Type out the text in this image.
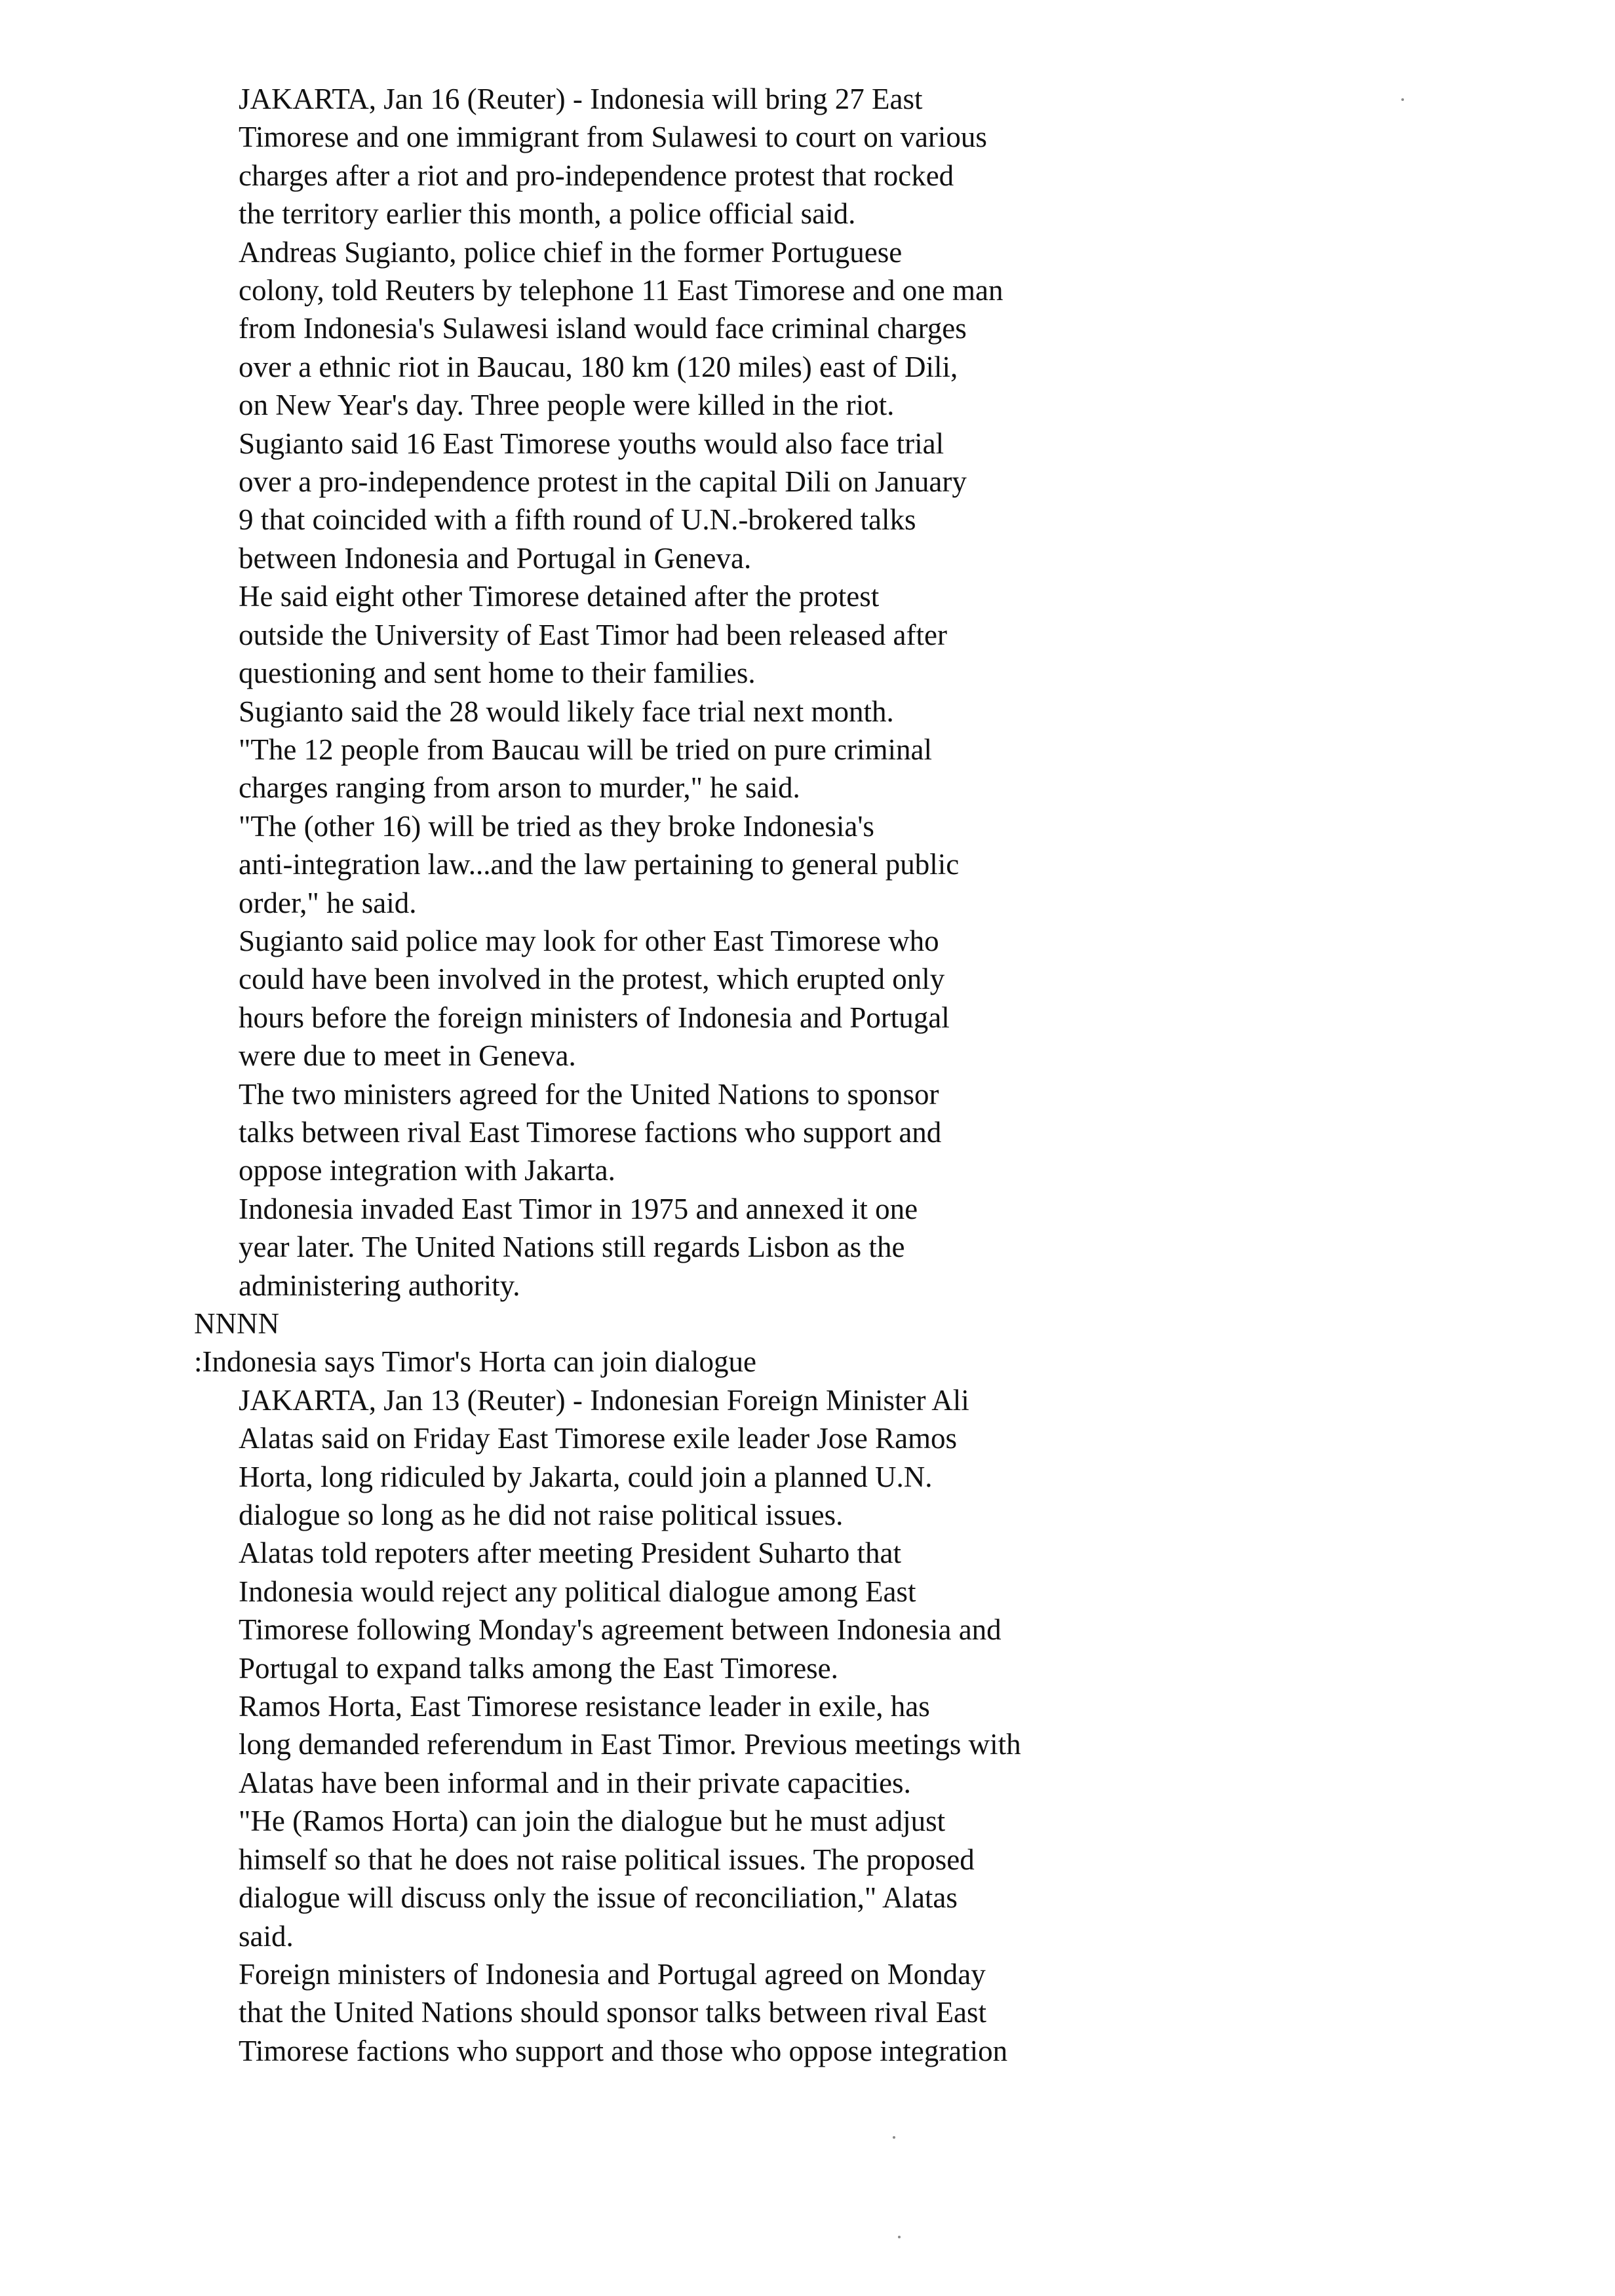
JAKARTA, Jan 16 (Reuter) - Indonesia will bring 27 East
Timorese and one immigrant from Sulawesi to court on various
charges after a riot and pro-independence protest that rocked
the territory earlier this month, a police official said.
Andreas Sugianto, police chief in the former Portuguese
colony, told Reuters by telephone 11 East Timorese and one man
from Indonesia's Sulawesi island would face criminal charges
over a ethnic riot in Baucau, 180 km (120 miles) east of Dili,
on New Year's day. Three people were killed in the riot.
Sugianto said 16 East Timorese youths would also face trial
over a pro-independence protest in the capital Dili on January
9 that coincided with a fifth round of U.N.-brokered talks
between Indonesia and Portugal in Geneva.
He said eight other Timorese detained after the protest
outside the University of East Timor had been released after
questioning and sent home to their families.
Sugianto said the 28 would likely face trial next month.
"The 12 people from Baucau will be tried on pure criminal
charges ranging from arson to murder," he said.
"The (other 16) will be tried as they broke Indonesia's
anti-integration law...and the law pertaining to general public
order," he said.
Sugianto said police may look for other East Timorese who
could have been involved in the protest, which erupted only
hours before the foreign ministers of Indonesia and Portugal
were due to meet in Geneva.
The two ministers agreed for the United Nations to sponsor
talks between rival East Timorese factions who support and
oppose integration with Jakarta.
Indonesia invaded East Timor in 1975 and annexed it one
year later. The United Nations still regards Lisbon as the
administering authority.
NNNN
:Indonesia says Timor's Horta can join dialogue
JAKARTA, Jan 13 (Reuter) - Indonesian Foreign Minister Ali
Alatas said on Friday East Timorese exile leader Jose Ramos
Horta, long ridiculed by Jakarta, could join a planned U.N.
dialogue so long as he did not raise political issues.
Alatas told repoters after meeting President Suharto that
Indonesia would reject any political dialogue among East
Timorese following Monday's agreement between Indonesia and
Portugal to expand talks among the East Timorese.
Ramos Horta, East Timorese resistance leader in exile, has
long demanded referendum in East Timor. Previous meetings with
Alatas have been informal and in their private capacities.
"He (Ramos Horta) can join the dialogue but he must adjust
himself so that he does not raise political issues. The proposed
dialogue will discuss only the issue of reconciliation," Alatas
said.
Foreign ministers of Indonesia and Portugal agreed on Monday
that the United Nations should sponsor talks between rival East
Timorese factions who support and those who oppose integration
